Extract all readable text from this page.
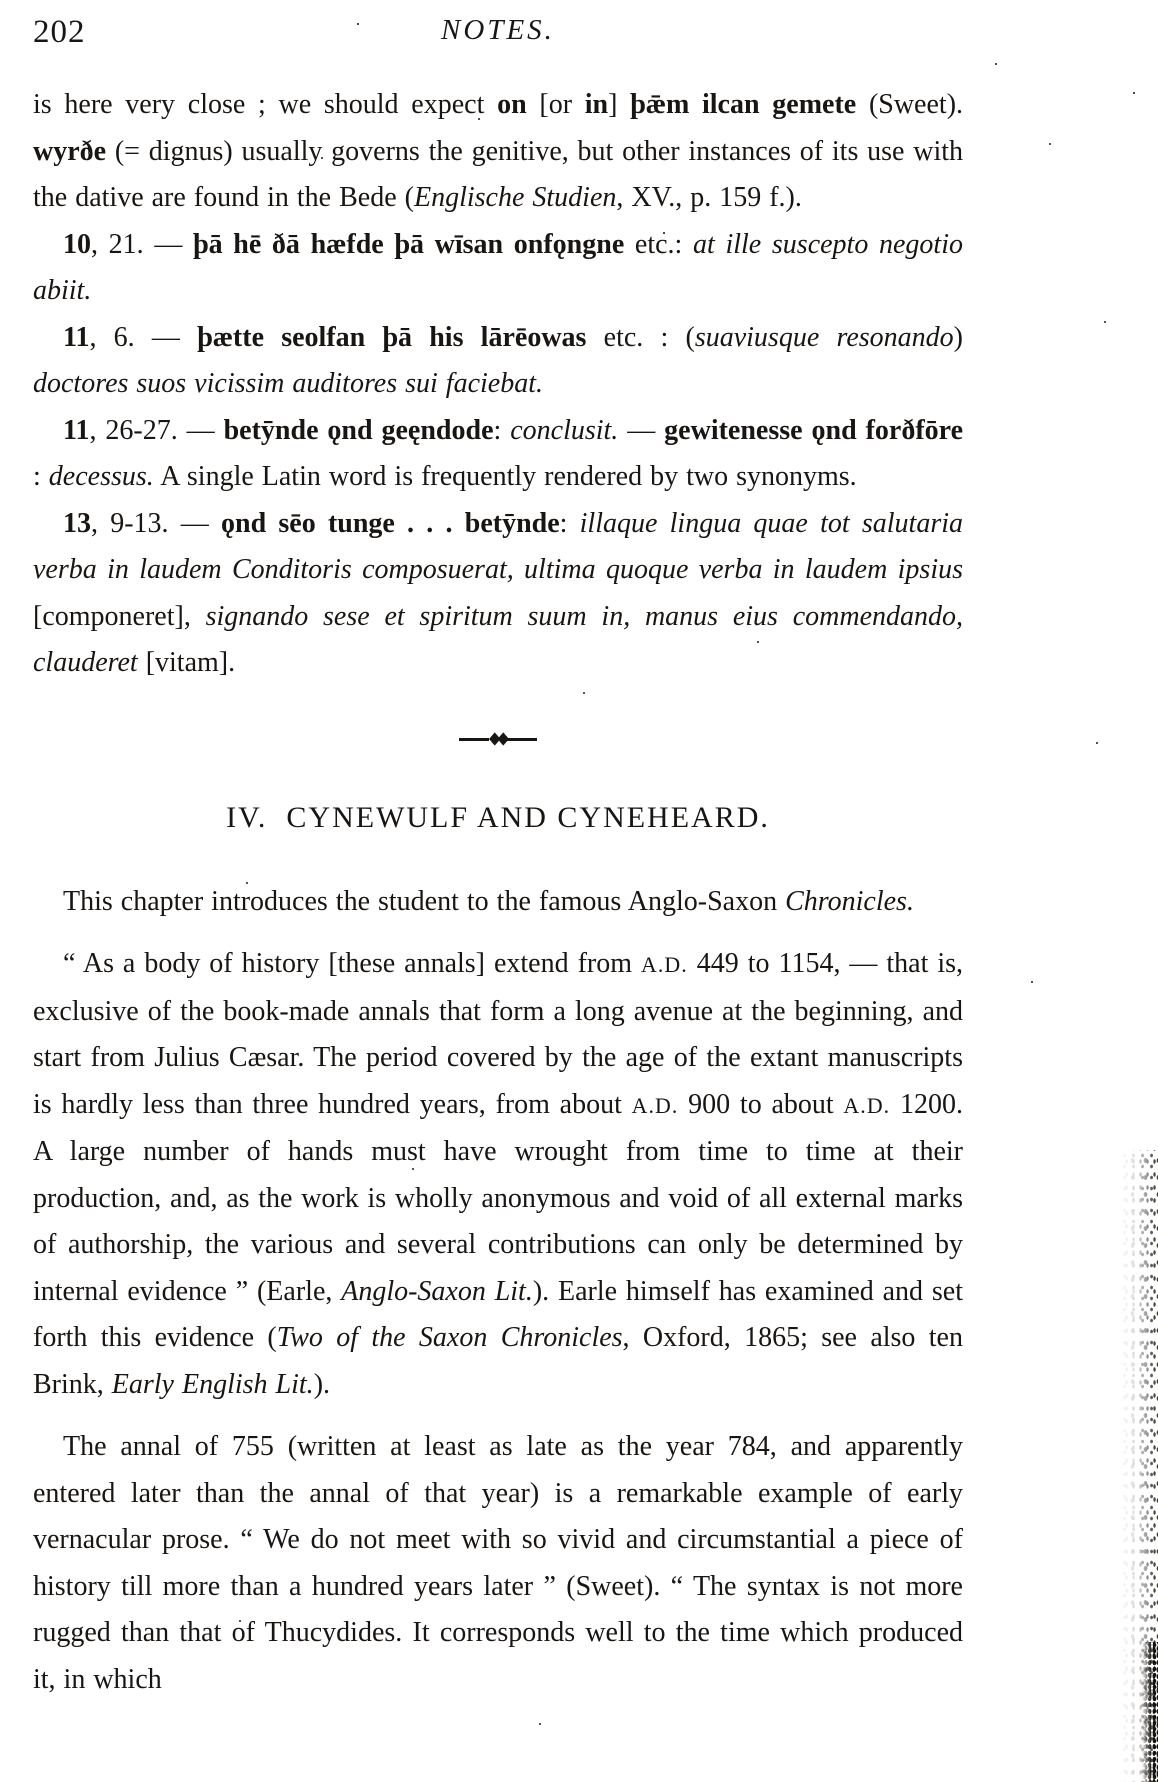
202	NOTES.

is here very close ; we should expect on [or in] þǣm ilcan gemete (Sweet). wyrðe (= dignus) usually governs the genitive, but other instances of its use with the dative are found in the Bede (Englische Studien, XV., p. 159 f.).

10, 21. — þā hē ðā hæfde þā wīsan onfǫngne etc.: at ille suscepto negotio abiit.

11, 6. — þætte seolfan þā his lārēowas etc. : (suaviusque resonando) doctores suos vicissim auditores sui faciebat.

11, 26-27. — betȳnde ǫnd geęndode: conclusit. — gewitenesse ǫnd forðfōre : decessus. A single Latin word is frequently rendered by two synonyms.

13, 9-13. — ǫnd sēo tunge . . . betȳnde: illaque lingua quae tot salutaria verba in laudem Conditoris composuerat, ultima quoque verba in laudem ipsius [componeret], signando sese et spiritum suum in, manus eius commendando, clauderet [vitam].

◆◆
IV.  CYNEWULF AND CYNEHEARD.

This chapter introduces the student to the famous Anglo-Saxon Chronicles.

“ As a body of history [these annals] extend from A.D. 449 to 1154, — that is, exclusive of the book-made annals that form a long avenue at the beginning, and start from Julius Cæsar. The period covered by the age of the extant manuscripts is hardly less than three hundred years, from about A.D. 900 to about A.D. 1200. A large number of hands must have wrought from time to time at their production, and, as the work is wholly anonymous and void of all external marks of authorship, the various and several contributions can only be determined by internal evidence ” (Earle, Anglo-Saxon Lit.). Earle himself has examined and set forth this evidence (Two of the Saxon Chronicles, Oxford, 1865; see also ten Brink, Early English Lit.).

The annal of 755 (written at least as late as the year 784, and apparently entered later than the annal of that year) is a remarkable example of early vernacular prose. “ We do not meet with so vivid and circumstantial a piece of history till more than a hundred years later ” (Sweet). “ The syntax is not more rugged than that of Thucydides. It corresponds well to the time which produced it, in which
